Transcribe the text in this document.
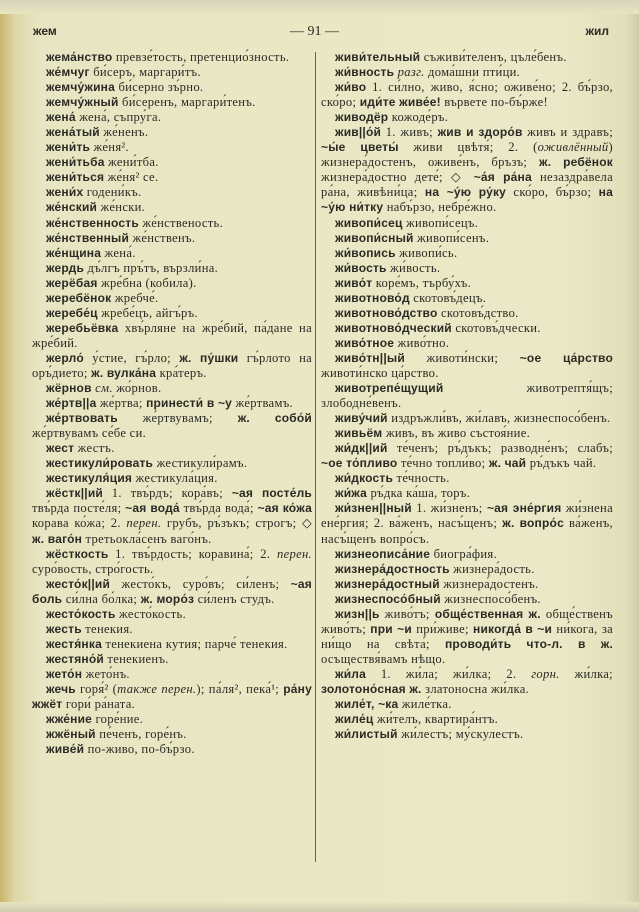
жем	— 91 —	жил

жема́нство превзе́тость, претенцио́зность.

же́мчуг би́серъ, маргари́тъ.

жемчу́жина би́серно зъ́рно.

жемчу́жный би́серенъ, маргари́тенъ.

жена́ жена́, съпру́га.

жена́тый же́ненъ.

жени́ть же́ня².

жени́тьба жени́тба.

жени́ться же́ня² се.

жени́х годени́къ.

же́нский же́нски.

же́нственность же́нственость.

же́нственный же́нственъ.

же́нщина жена́.

жердь дъ́лгъ пръ́тъ, вързли́на.

жерёбая жре́бна (кобила).

жеребёнок жребче́.

жеребе́ц жребе́цъ, айгъ́ръ.

жеребьёвка хвъ́рляне на жре́бий, па́дане на жре́бий.

жерло́ у́стие, гъ́рло; ж. пу́шки гъ́рлото на оръ́дието; ж. вулка́на кра́теръ.

жёрнов см. жо́рнов.

же́ртв||а же́ртва; принести́ в ~у же́ртвамъ.

же́ртвовать же́ртвувамъ; ж. собо́й же́ртвувамъ се́бе си.

жест жестъ.

жестикули́ровать жестикули́рамъ.

жестикуля́ция жестикула́ция.

жёстк||ий 1. твъ́рдъ; кора́въ; ~ая посте́ль твъ́рда посте́ля; ~ая вода́ твъ́рда вода́; ~ая ко́жа корава ко́жа; 2. перен. грубъ, ръ́зъкъ; строгъ; ◇ ж. ваго́н третьокла́сенъ ваго́нъ.

жёсткость 1. твъ́рдость; коравина́; 2. перен. суро́вость, стро́гость.

жесто́к||ий жесто́къ, суро́въ; си́ленъ; ~ая боль си́лна бо́лка; ж. моро́з си́ленъ студъ.

жесто́кость жесто́кость.

жесть тенекия.

жестя́нка тенекиена кутия; парче́ тенекия.

жестяно́й тенекиенъ.

жето́н жето́нъ.

жечь горя́² (также перен.); па́ля², пека́¹; ра́ну жжёт гори́ ра́ната.

жже́ние горе́ние.

жжёный пе́ченъ, горе́нъ.

живе́й по-живо, по-бъ́рзо.

живи́тельный съживи́теленъ, цъле́бенъ.

жи́вность разг. дома́шни пти́ци.

жи́во 1. си́лно, живо, я́сно; оживе́но; 2. бъ́рзо, ско́ро; иди́те живе́е! вървете по-бъ́рже!

живодёр кожоде́ръ.

жив||о́й 1. живъ; жив и здоро́в живъ и здравъ; ~ы́е цветы́ живи цвѣтя́; 2. (оживлённый) жизнера́достенъ, оживе́нъ, бръзъ; ж. ребёнок жизнера́достно дете́; ◇ ~а́я ра́на незаздра́вела ра́на, живѣни́ца; на ~у́ю ру́ку ско́ро, бъ́рзо; на ~у́ю ни́тку набъ́рзо, небре́жно.

живопи́сец живопи́сецъ.

живопи́сный живопи́сенъ.

жи́вопись живопи́сь.

жи́вость жи́вость.

живо́т коре́мъ, търбу́хъ.

животново́д скотовъ́децъ.

животново́дство скотовъ́дство.

животново́дческий скотовъ́дчески.

живо́тное живо́тно.

живо́тн||ый животи́нски; ~ое ца́рство животи́нско ца́рство.

животрепе́щущий животрептя́щъ; злободне́венъ.

живу́чий издръжли́въ, жи́лавъ, жизнеспосо́бенъ.

живьём живъ, въ живо състоя́ние.

жи́дк||ий те́ченъ; ръ́дъкъ; разводне́нъ; слабъ; ~ое то́пливо те́чно топли́во; ж. чай ръ́дъкъ чай.

жи́дкость те́чность.

жи́жа ръ́дка ка́ша, торъ.

жи́знен||ный 1. жи́зненъ; ~ая эне́ргия жи́знена ене́ргия; 2. ва́женъ, насъ́щенъ; ж. вопро́с ва́женъ, насъ́щенъ вопро́съ.

жизнеописа́ние биогра́фия.

жизнера́достность жизнера́дость.

жизнера́достный жизнера́достенъ.

жизнеспосо́бный жизнеспосо́бенъ.

жизн||ь живо́тъ; обще́ственная ж. обще́ственъ живо́тъ; при ~и при́живе; никогда́ в ~и ни́кога, за ни́що на свѣта́; проводи́ть что-л. в ж. осъществя́вамъ нѣщо.

жи́ла 1. жи́ла; жи́лка; 2. горн. жи́лка; золотоно́сная ж. златоносна жи́лка.

жиле́т, ~ка жиле́тка.

жиле́ц жи́телъ, квартира́нтъ.

жи́листый жи́лестъ; му́скулестъ.
